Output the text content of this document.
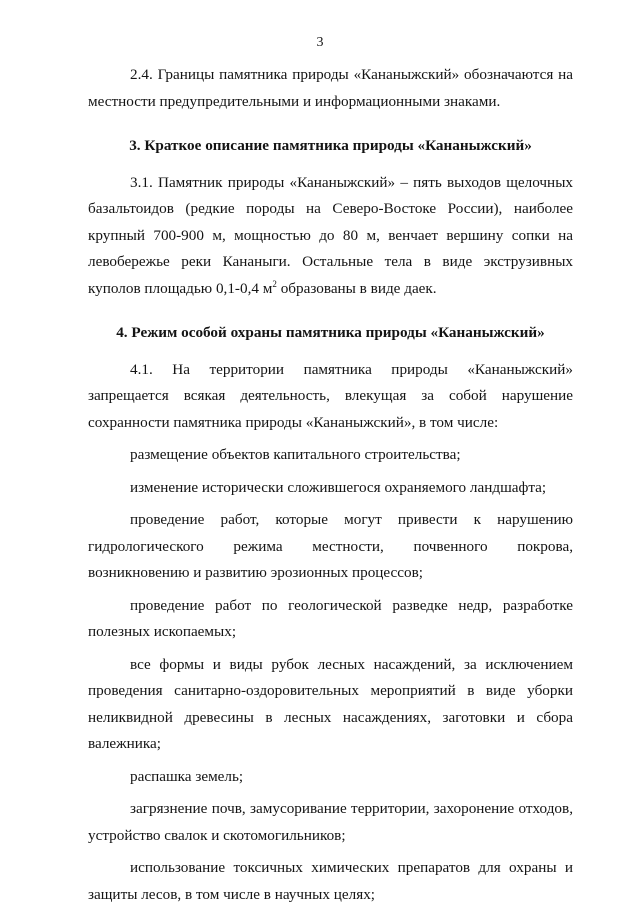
3

2.4. Границы памятника природы «Кананыжский» обозначаются на местности предупредительными и информационными знаками.

3. Краткое описание памятника природы «Кананыжский»

3.1. Памятник природы «Кананыжский» – пять выходов щелочных базальтоидов (редкие породы на Северо-Востоке России), наиболее крупный 700-900 м, мощностью до 80 м, венчает вершину сопки на левобережье реки Кананыги. Остальные тела в виде экструзивных куполов площадью 0,1-0,4 $м^2$ образованы в виде даек.

4. Режим особой охраны памятника природы «Кананыжский»

4.1. На территории памятника природы «Кананыжский» запрещается всякая деятельность, влекущая за собой нарушение сохранности памятника природы «Кананыжский», в том числе:

размещение объектов капитального строительства;

изменение исторически сложившегося охраняемого ландшафта;

проведение работ, которые могут привести к нарушению гидрологического режима местности, почвенного покрова, возникновению и развитию эрозионных процессов;

проведение работ по геологической разведке недр, разработке полезных ископаемых;

все формы и виды рубок лесных насаждений, за исключением проведения санитарно-оздоровительных мероприятий в виде уборки неликвидной древесины в лесных насаждениях, заготовки и сбора валежника;

распашка земель;

загрязнение почв, замусоривание территории, захоронение отходов, устройство свалок и скотомогильников;

использование токсичных химических препаратов для охраны и защиты лесов, в том числе в научных целях;
